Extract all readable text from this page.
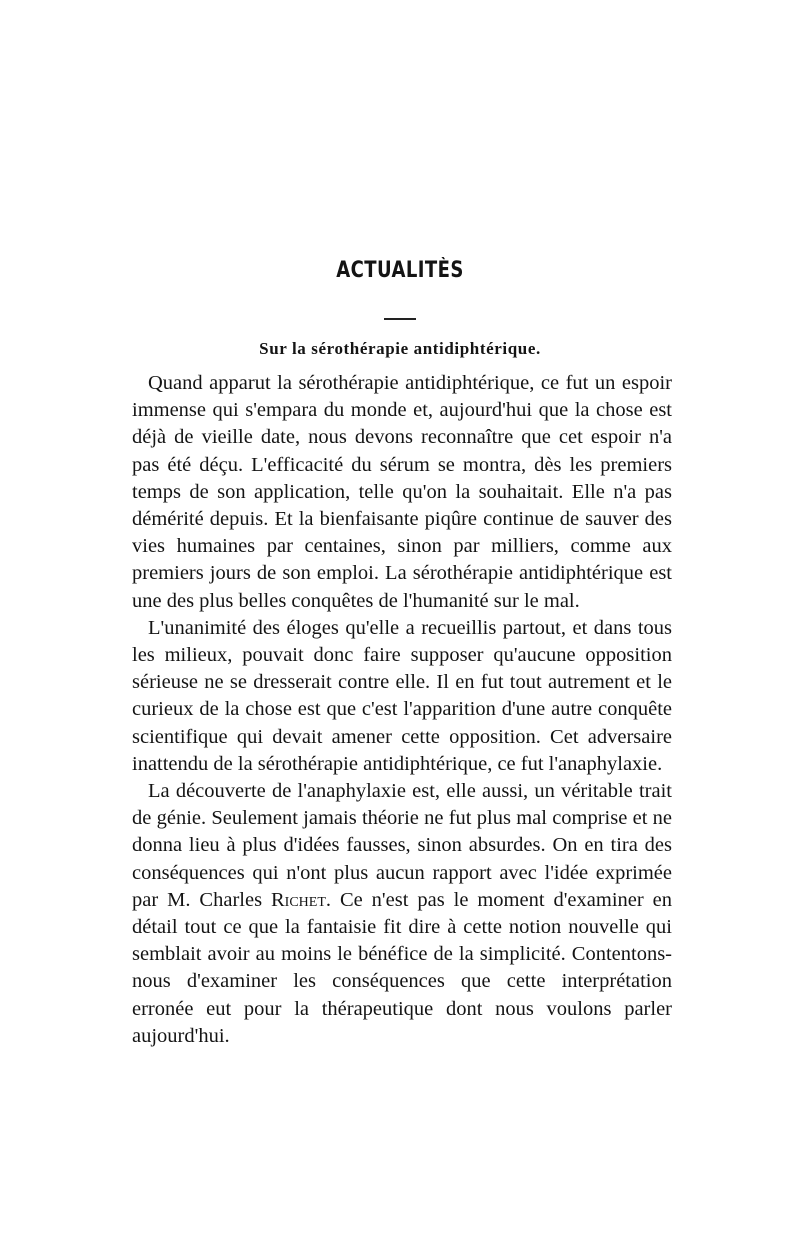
ACTUALITÈS
Sur la sérothérapie antidiphtérique.

Quand apparut la sérothérapie antidiphtérique, ce fut un espoir immense qui s'empara du monde et, aujourd'hui que la chose est déjà de vieille date, nous devons reconnaître que cet espoir n'a pas été déçu. L'efficacité du sérum se montra, dès les premiers temps de son application, telle qu'on la souhaitait. Elle n'a pas démérité depuis. Et la bienfaisante piqûre continue de sauver des vies humaines par centaines, sinon par milliers, comme aux premiers jours de son emploi. La sérothérapie antidiphtérique est une des plus belles conquêtes de l'humanité sur le mal.

L'unanimité des éloges qu'elle a recueillis partout, et dans tous les milieux, pouvait donc faire supposer qu'aucune opposition sérieuse ne se dresserait contre elle. Il en fut tout autrement et le curieux de la chose est que c'est l'apparition d'une autre conquête scientifique qui devait amener cette opposition. Cet adversaire inattendu de la sérothérapie antidiphtérique, ce fut l'anaphylaxie.

La découverte de l'anaphylaxie est, elle aussi, un véritable trait de génie. Seulement jamais théorie ne fut plus mal comprise et ne donna lieu à plus d'idées fausses, sinon absurdes. On en tira des conséquences qui n'ont plus aucun rapport avec l'idée exprimée par M. Charles Richet. Ce n'est pas le moment d'examiner en détail tout ce que la fantaisie fit dire à cette notion nouvelle qui semblait avoir au moins le bénéfice de la simplicité. Contentons-nous d'examiner les conséquences que cette interprétation erronée eut pour la thérapeutique dont nous voulons parler aujourd'hui.
